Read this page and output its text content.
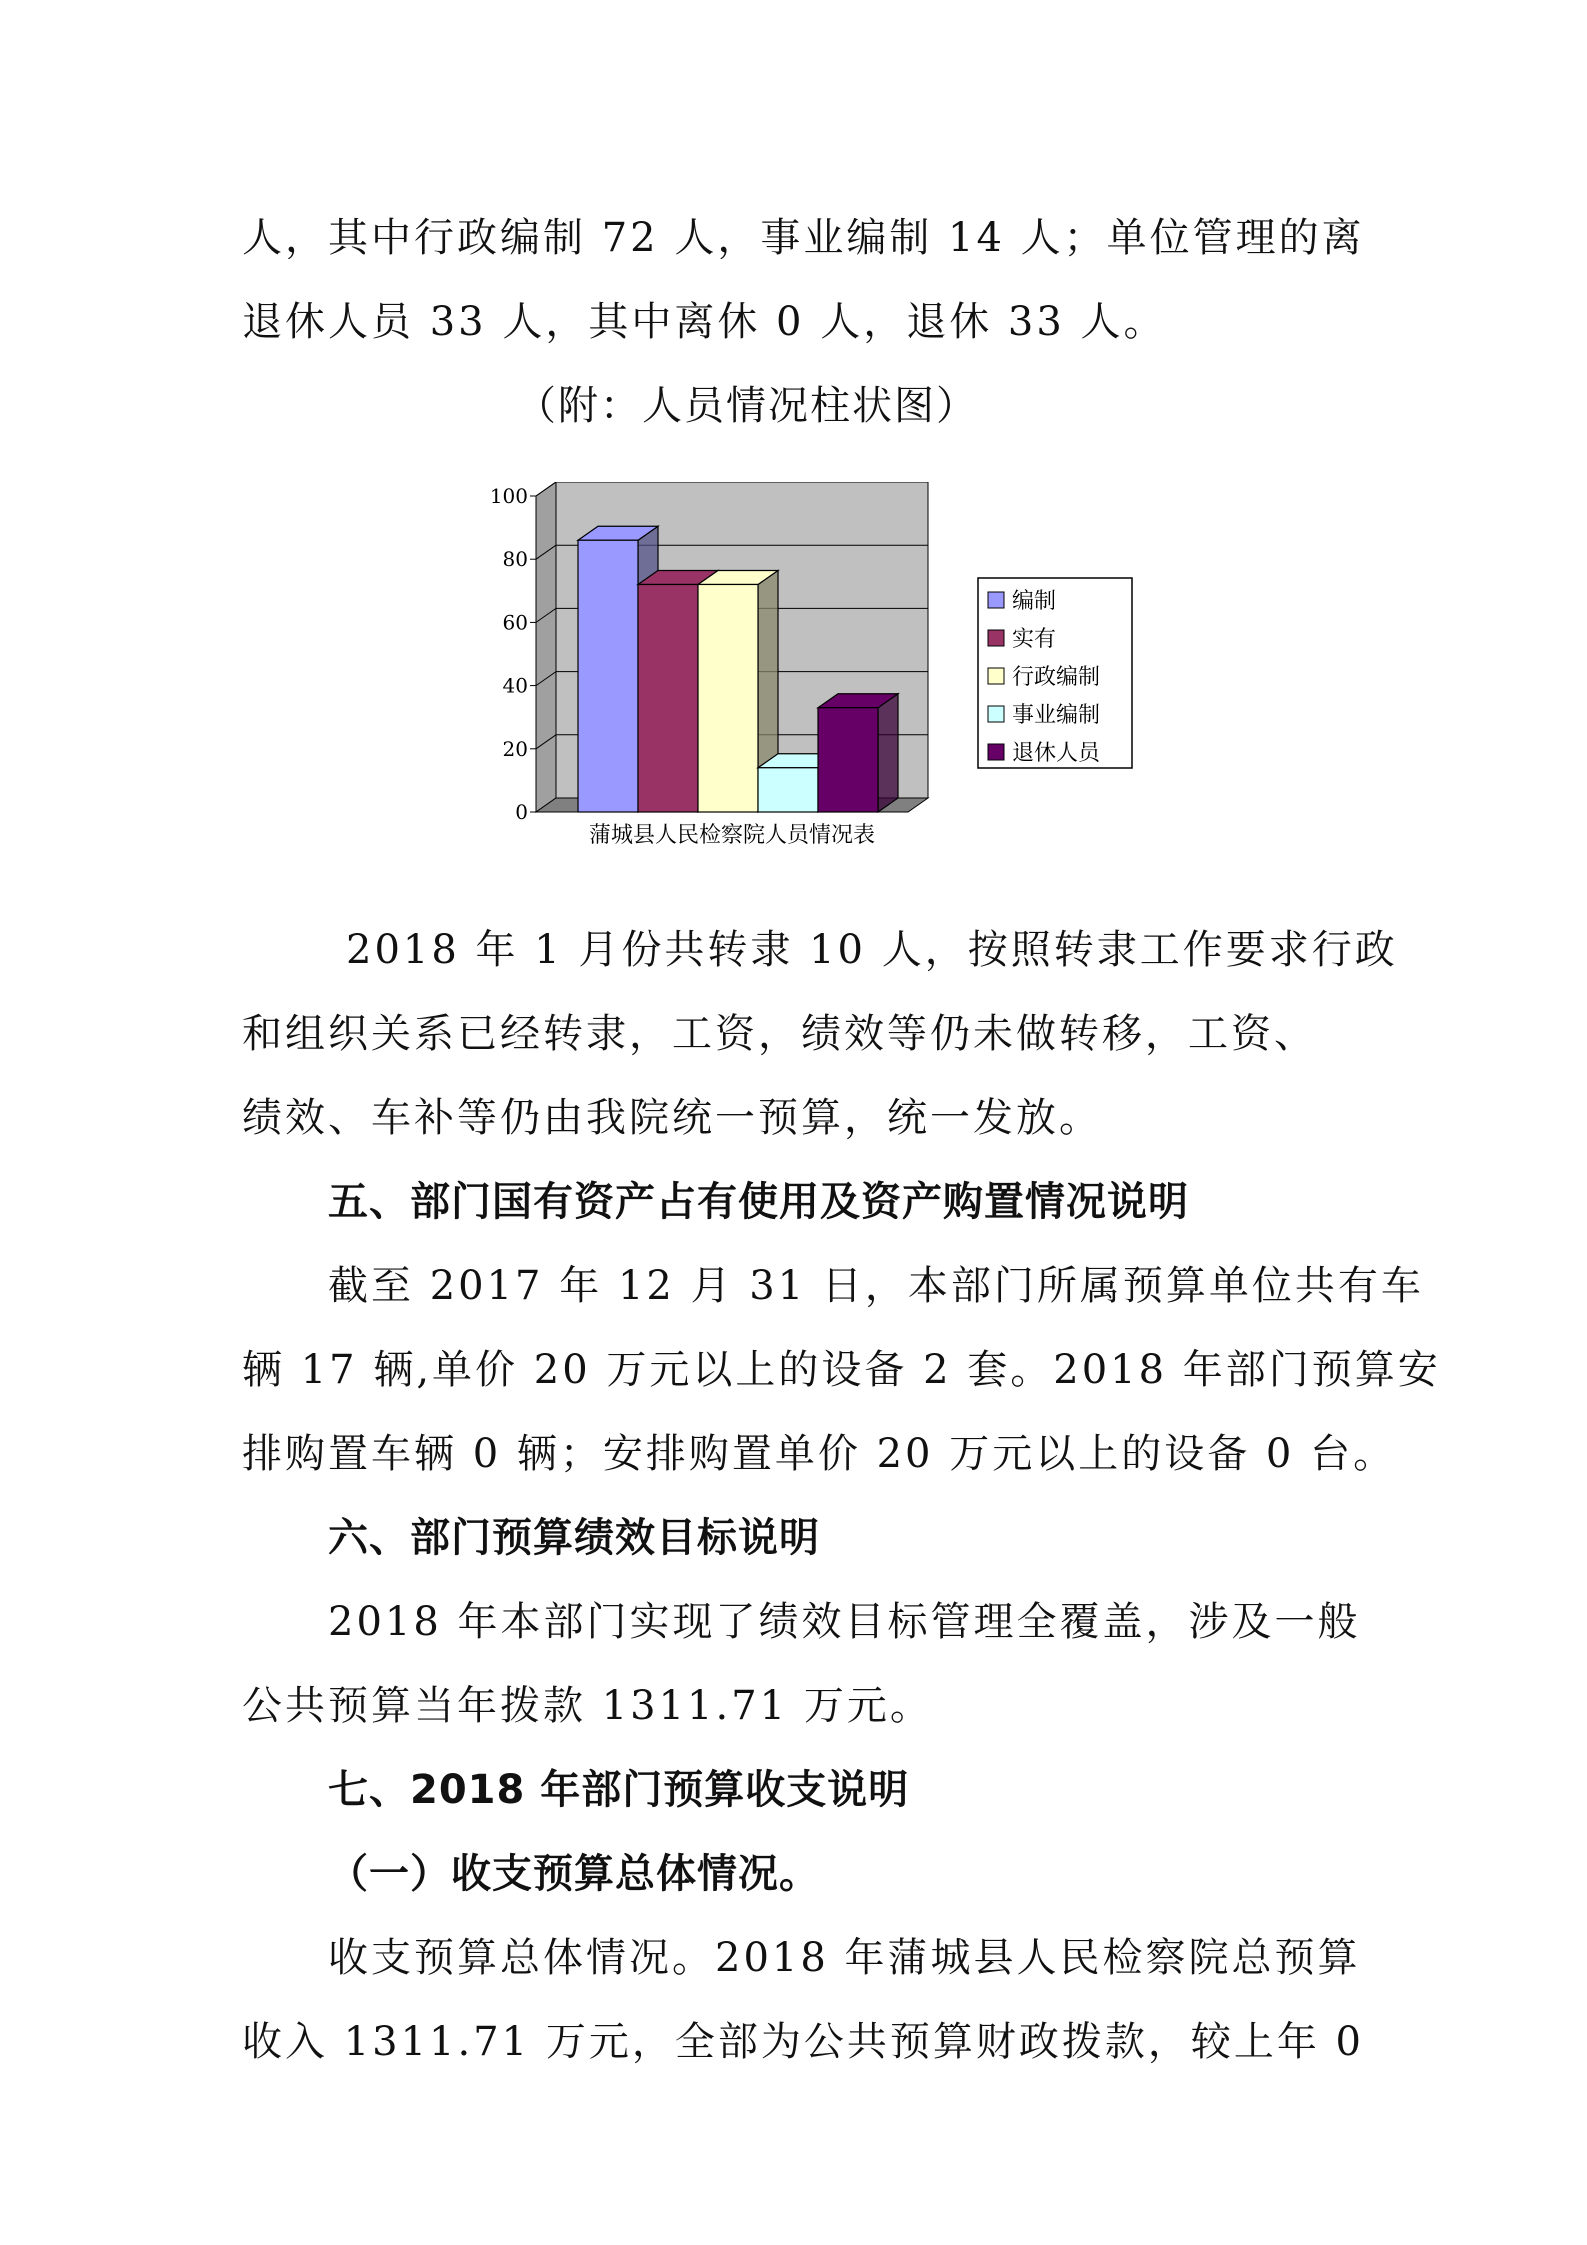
人，其中行政编制 72 人，事业编制 14 人；单位管理的离
退休人员 33 人，其中离休 0 人，退休 33 人。
（附：人员情况柱状图）
0
20
40
60
80
100
蒲城县人民检察院人员情况表
编制
实有
行政编制
事业编制
退休人员
2018 年 1 月份共转隶 10 人，按照转隶工作要求行政
和组织关系已经转隶，工资，绩效等仍未做转移，工资、
绩效、车补等仍由我院统一预算，统一发放。
五、部门国有资产占有使用及资产购置情况说明
截至 2017 年 12 月 31 日，本部门所属预算单位共有车
辆 17 辆,单价 20 万元以上的设备 2 套。2018 年部门预算安
排购置车辆 0 辆；安排购置单价 20 万元以上的设备 0 台。
六、部门预算绩效目标说明
2018 年本部门实现了绩效目标管理全覆盖，涉及一般
公共预算当年拨款 1311.71 万元。
七、2018 年部门预算收支说明
（一）收支预算总体情况。
收支预算总体情况。2018 年蒲城县人民检察院总预算
收入 1311.71 万元，全部为公共预算财政拨款，较上年 0
